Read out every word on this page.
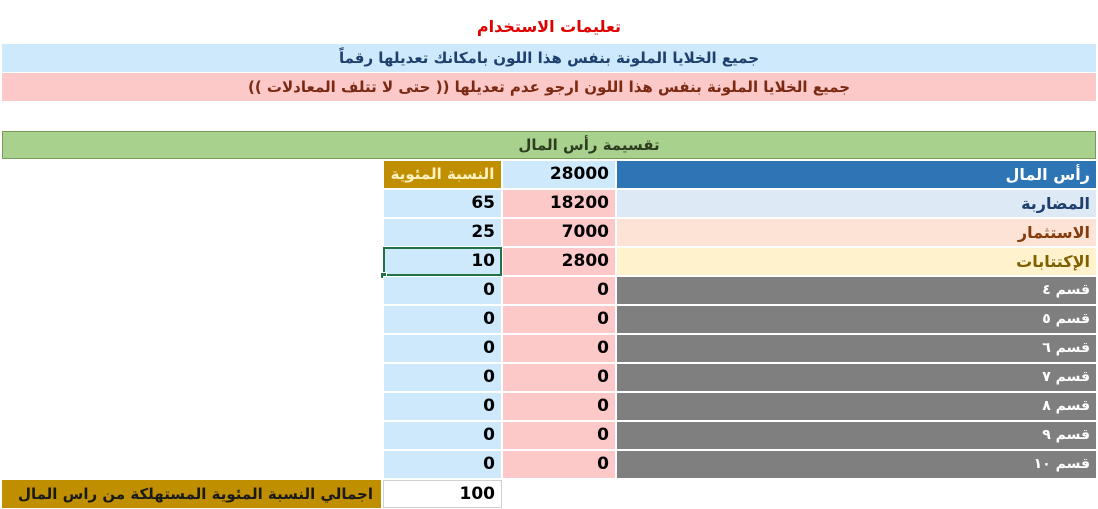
تعليمات الاستخدام
جميع الخلايا الملونة بنفس هذا اللون بامكانك تعديلها رقماً
جميع الخلايا الملونة بنفس هذا اللون ارجو عدم تعديلها (( حتى لا تتلف المعادلات ))
تقسيمة رأس المال
النسبة المئوية	28000	رأس المال
65	18200	المضاربة
25	7000	الاستثمار
10	2800	الإكتتابات
0	0	قسم ٤
0	0	قسم ٥
0	0	قسم ٦
0	0	قسم ٧
0	0	قسم ٨
0	0	قسم ٩
0	0	قسم ١٠
اجمالي النسبة المئوية المستهلكة من راس المال	100
